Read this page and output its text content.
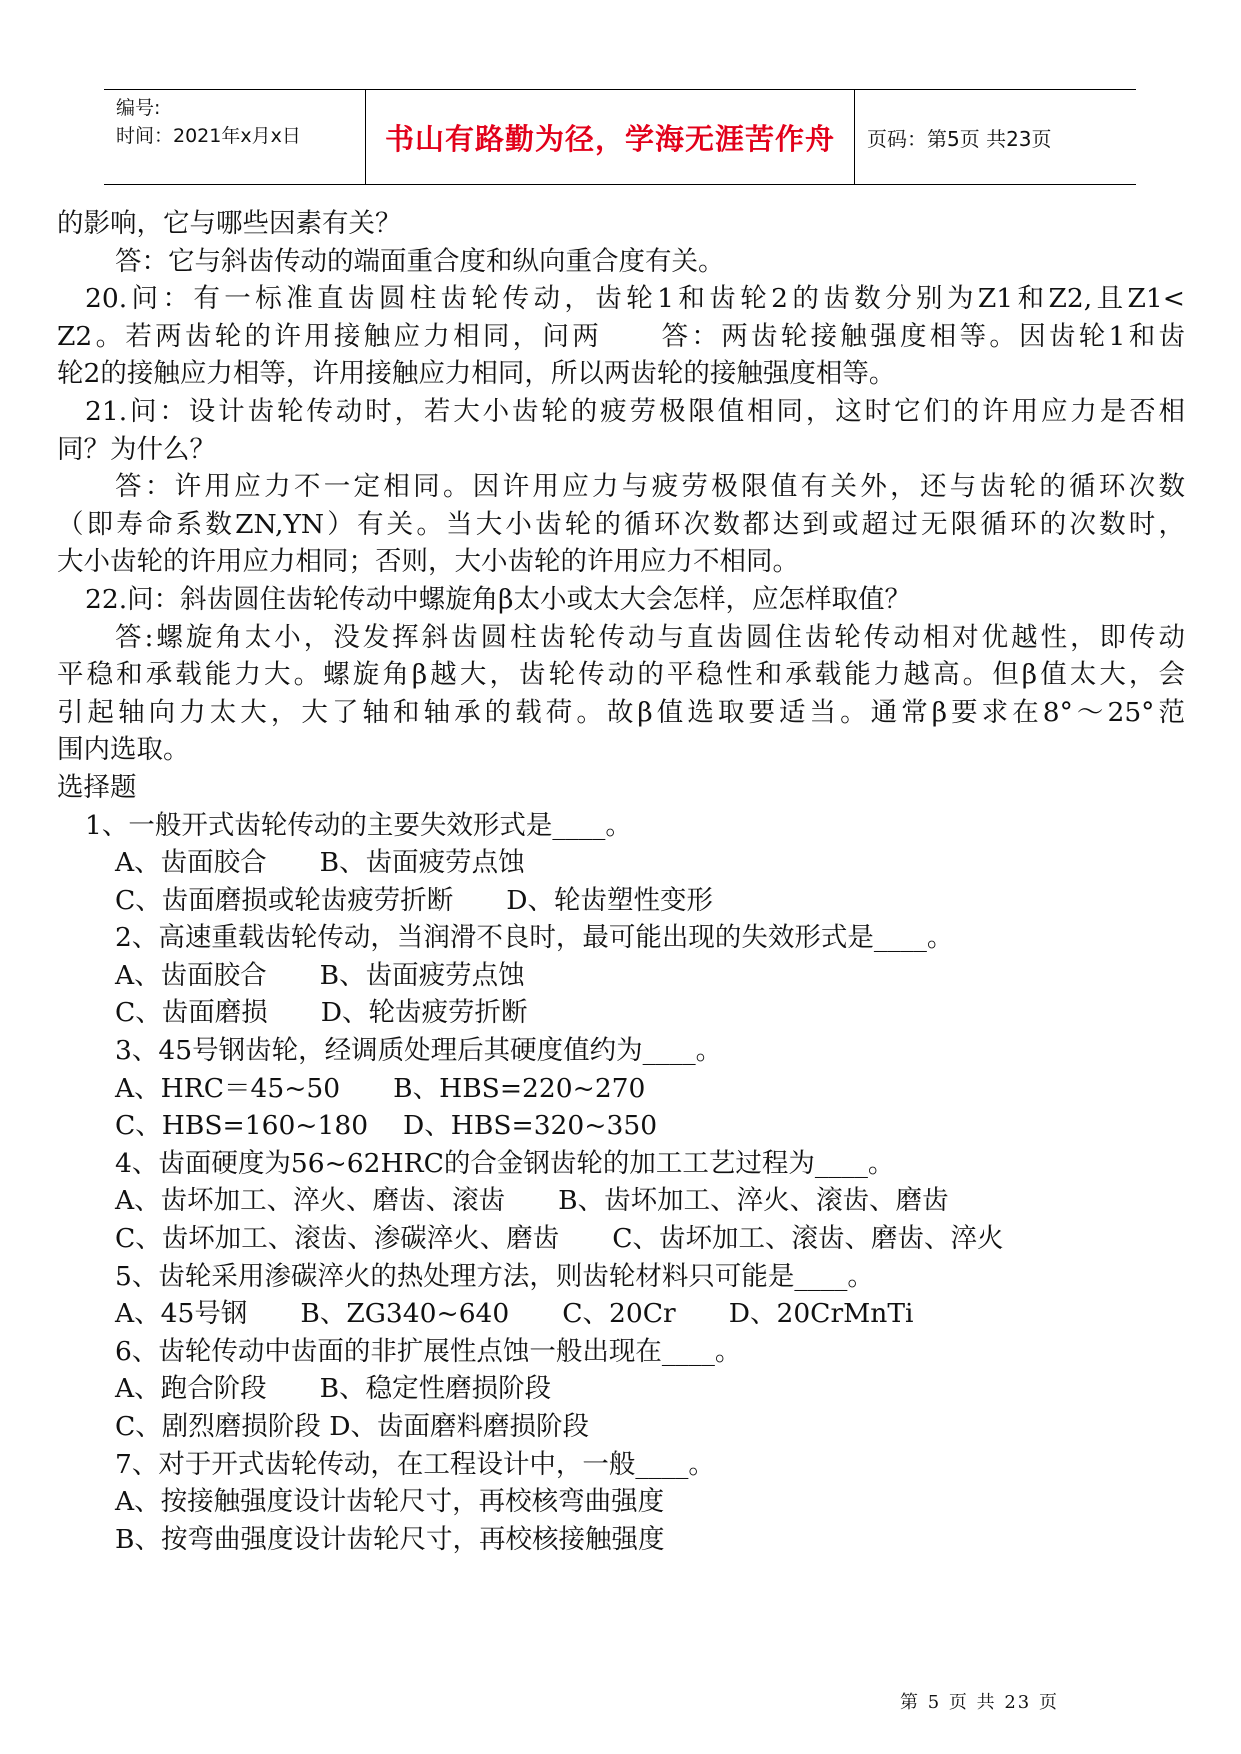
编号:
时间：2021年x月x日	书山有路勤为径，学海无涯苦作舟	页码：第5页 共23页

的影响，它与哪些因素有关？

答：它与斜齿传动的端面重合度和纵向重合度有关。

20.问：有一标准直齿圆柱齿轮传动，齿轮1和齿轮2的齿数分别为Z1和Z2,且Z1<

Z2。若两齿轮的许用接触应力相同，问两　　答：两齿轮接触强度相等。因齿轮1和齿

轮2的接触应力相等，许用接触应力相同，所以两齿轮的接触强度相等。

21.问：设计齿轮传动时，若大小齿轮的疲劳极限值相同，这时它们的许用应力是否相

同？为什么？

答：许用应力不一定相同。因许用应力与疲劳极限值有关外，还与齿轮的循环次数

（即寿命系数ZN,YN）有关。当大小齿轮的循环次数都达到或超过无限循环的次数时，

大小齿轮的许用应力相同；否则，大小齿轮的许用应力不相同。

22.问：斜齿圆住齿轮传动中螺旋角β太小或太大会怎样，应怎样取值？

答:螺旋角太小，没发挥斜齿圆柱齿轮传动与直齿圆住齿轮传动相对优越性，即传动

平稳和承载能力大。螺旋角β越大，齿轮传动的平稳性和承载能力越高。但β值太大，会

引起轴向力太大，大了轴和轴承的载荷。故β值选取要适当。通常β要求在8°～25°范

围内选取。

选择题

1、一般开式齿轮传动的主要失效形式是____。

A、齿面胶合　　B、齿面疲劳点蚀

C、齿面磨损或轮齿疲劳折断　　D、轮齿塑性变形

2、高速重载齿轮传动，当润滑不良时，最可能出现的失效形式是____。

A、齿面胶合　　B、齿面疲劳点蚀

C、齿面磨损　　D、轮齿疲劳折断

3、45号钢齿轮，经调质处理后其硬度值约为____。

A、HRC＝45~50　　B、HBS=220~270

C、HBS=160~180　 D、HBS=320~350

4、齿面硬度为56~62HRC的合金钢齿轮的加工工艺过程为____。

A、齿坏加工、淬火、磨齿、滚齿　　B、齿坏加工、淬火、滚齿、磨齿

C、齿坏加工、滚齿、渗碳淬火、磨齿　　C、齿坏加工、滚齿、磨齿、淬火

5、齿轮采用渗碳淬火的热处理方法，则齿轮材料只可能是____。

A、45号钢　　B、ZG340~640　　C、20Cr　　D、20CrMnTi

6、齿轮传动中齿面的非扩展性点蚀一般出现在____。

A、跑合阶段　　B、稳定性磨损阶段

C、剧烈磨损阶段 D、齿面磨料磨损阶段

7、对于开式齿轮传动，在工程设计中，一般____。

A、按接触强度设计齿轮尺寸，再校核弯曲强度

B、按弯曲强度设计齿轮尺寸，再校核接触强度

第 5 页 共 23 页
